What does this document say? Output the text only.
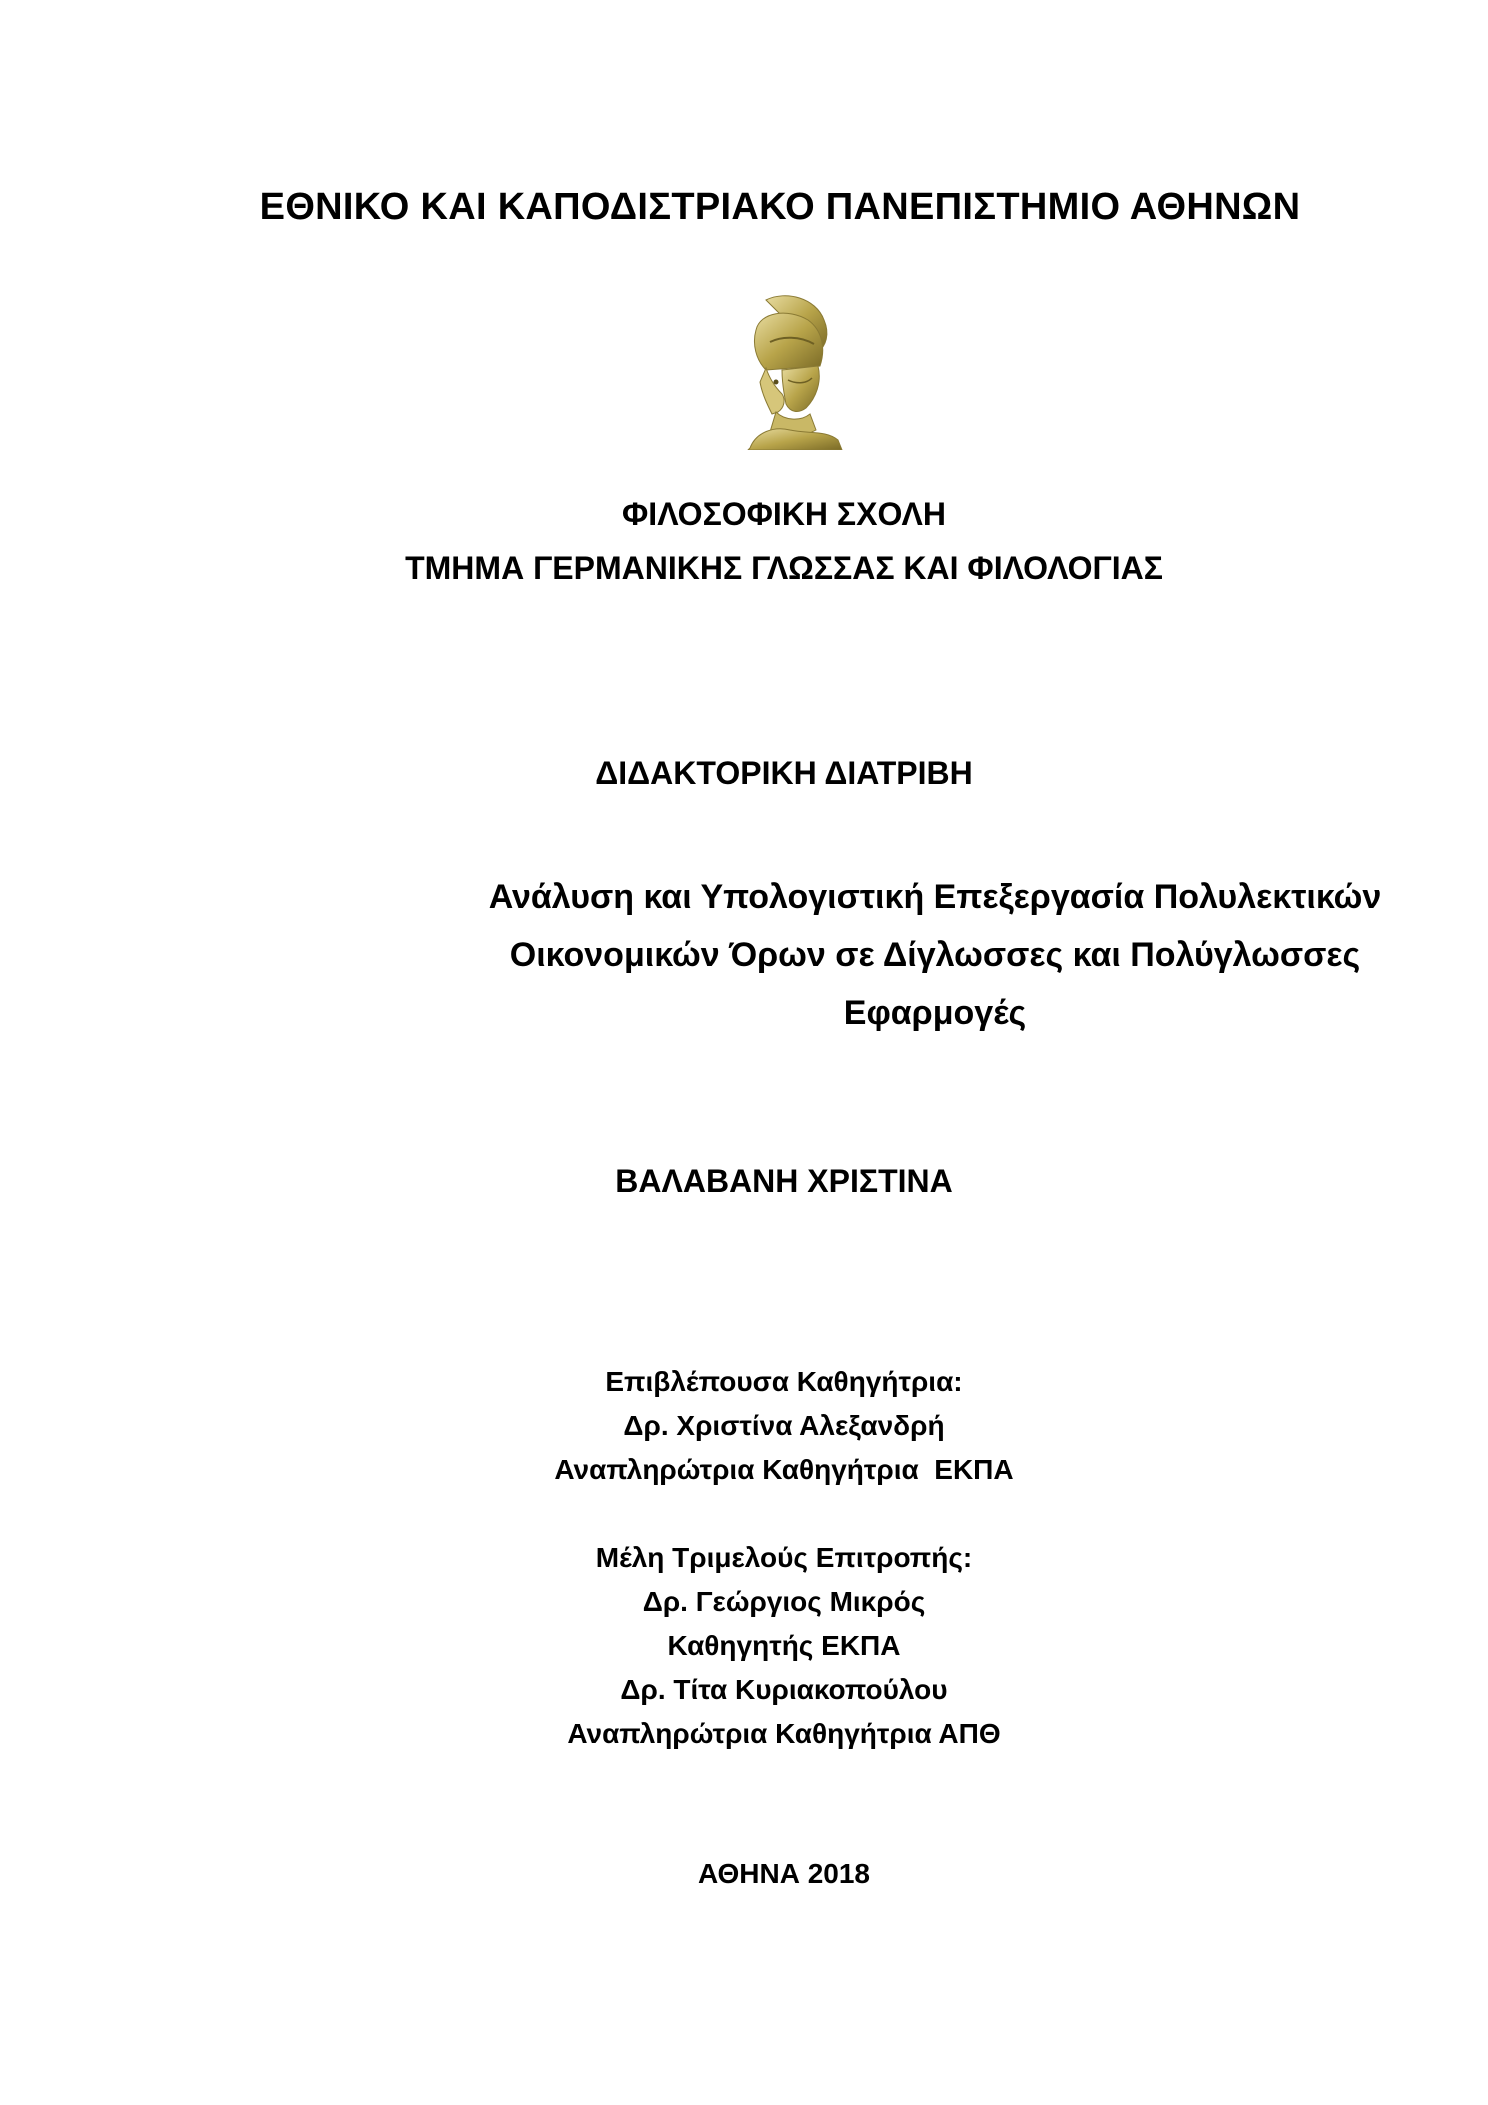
ΕΘΝΙΚΟ ΚΑΙ ΚΑΠΟΔΙΣΤΡΙΑΚΟ ΠΑΝΕΠΙΣΤΗΜΙΟ ΑΘΗΝΩΝ
ΦΙΛΟΣΟΦΙΚΗ ΣΧΟΛΗ
ΤΜΗΜΑ ΓΕΡΜΑΝΙΚΗΣ ΓΛΩΣΣΑΣ ΚΑΙ ΦΙΛΟΛΟΓΙΑΣ
ΔΙΔΑΚΤΟΡΙΚΗ ΔΙΑΤΡΙΒΗ
Ανάλυση και Υπολογιστική Επεξεργασία Πολυλεκτικών
Οικονομικών Όρων σε Δίγλωσσες και Πολύγλωσσες
Εφαρμογές
ΒΑΛΑΒΑΝΗ ΧΡΙΣΤΙΝΑ
Επιβλέπουσα Καθηγήτρια:
Δρ. Χριστίνα Αλεξανδρή
Αναπληρώτρια Καθηγήτρια  ΕΚΠΑ
Μέλη Τριμελούς Επιτροπής:
Δρ. Γεώργιος Μικρός
Καθηγητής ΕΚΠΑ
Δρ. Τίτα Κυριακοπούλου
Αναπληρώτρια Καθηγήτρια ΑΠΘ
ΑΘΗΝΑ 2018
